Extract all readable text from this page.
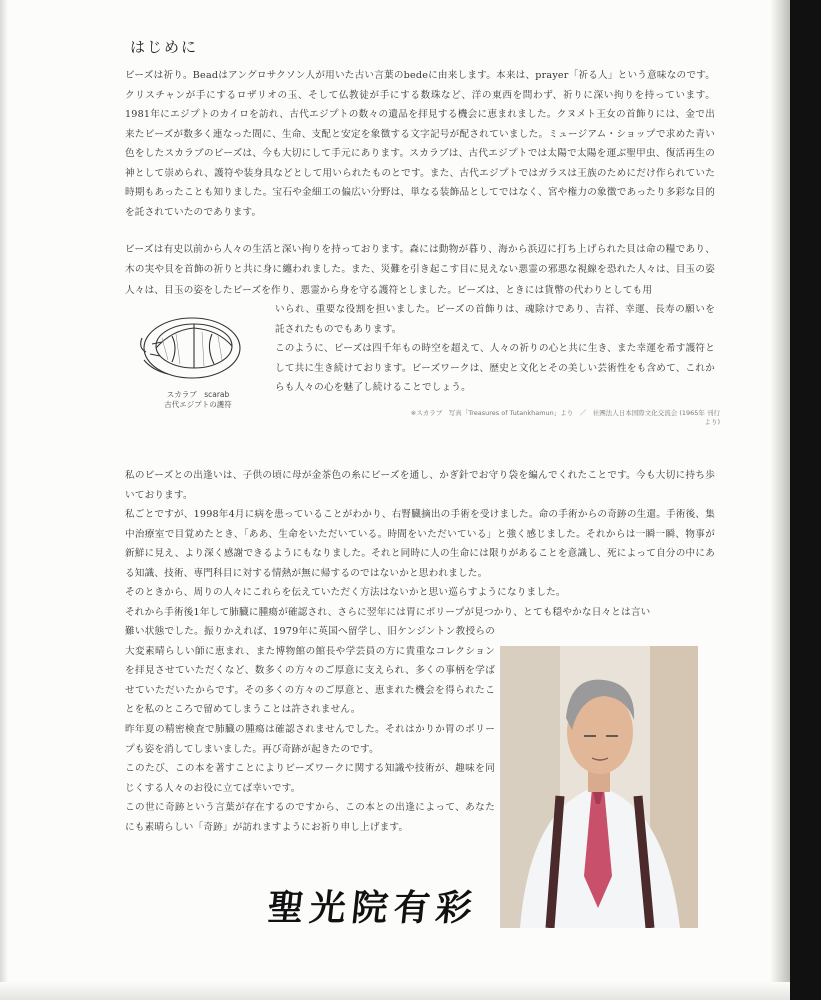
はじめに

ビーズは祈り。Beadはアングロサクソン人が用いた古い言葉のbedeに由来します。本来は、prayer「祈る人」という意味なのです。クリスチャンが手にするロザリオの玉、そして仏教徒が手にする数珠など、洋の東西を問わず、祈りに深い拘りを持っています。1981年にエジプトのカイロを訪れ、古代エジプトの数々の遺品を拝見する機会に恵まれました。クヌメト王女の首飾りには、金で出来たビーズが数多く連なった間に、生命、支配と安定を象徴する文字記号が配されていました。ミュージアム・ショップで求めた青い色をしたスカラブのビーズは、今も大切にして手元にあります。スカラブは、古代エジプトでは太陽で太陽を運ぶ聖甲虫、復活再生の神として崇められ、護符や装身具などとして用いられたものとです。また、古代エジプトではガラスは王族のためにだけ作られていた時期もあったことも知りました。宝石や金細工の偏広い分野は、単なる装飾品としてではなく、宮や権力の象徴であったり多彩な目的を託されていたのであります。

ビーズは有史以前から人々の生活と深い拘りを持っております。森には動物が暮り、海から浜辺に打ち上げられた貝は命の糧であり、木の実や貝を首飾の祈りと共に身に纏われました。また、災難を引き起こす目に見えない悪霊の邪悪な視線を恐れた人々は、目玉の姿

人々は、目玉の姿をしたビーズを作り、悪霊から身を守る護符としました。ビーズは、ときには貨幣の代わりとしても用

いられ、重要な役割を担いました。ビーズの首飾りは、魂除けであり、吉祥、幸運、長寿の願いを託されたものでもあります。

スカラブ　scarab
古代エジプトの護符

このように、ビーズは四千年もの時空を超えて、人々の祈りの心と共に生き、また幸運を希す護符として共に生き続けております。ビーズワークは、歴史と文化とその美しい芸術性をも含めて、これからも人々の心を魅了し続けることでしょう。

※スカラブ　写真「Treasures of Tutankhamun」より　／　社團法人日本国際文化交流会 (1965年 刊行より)

私のビーズとの出逢いは、子供の頃に母が金茶色の糸にビーズを通し、かぎ針でお守り袋を編んでくれたことです。今も大切に持ち歩いております。

私ごとですが、1998年4月に病を患っていることがわかり、右腎臓摘出の手術を受けました。命の手術からの奇跡の生還。手術後、集中治療室で目覚めたとき、「ああ、生命をいただいている。時間をいただいている」と強く感じました。それからは一瞬一瞬、物事が新鮮に見え、より深く感謝できるようにもなりました。それと同時に人の生命には限りがあることを意識し、死によって自分の中にある知識、技術、専門科目に対する情熱が無に帰するのではないかと思われました。

そのときから、周りの人々にこれらを伝えていただく方法はないかと思い巡らすようになりました。

それから手術後1年して肺臓に腫瘍が確認され、さらに翌年には胃にポリープが見つかり、とても穏やかな日々とは言い

難い状態でした。振りかえれば、1979年に英国へ留学し、旧ケンジントン教授らの大変素晴らしい師に恵まれ、また博物館の館長や学芸員の方に貴重なコレクションを拝見させていただくなど、数多くの方々のご厚意に支えられ、多くの事柄を学ばせていただいたからです。その多くの方々のご厚意と、恵まれた機会を得られたことを私のところで留めてしまうことは許されません。

昨年夏の精密検査で肺臓の腫瘍は確認されませんでした。それはかりか胃のポリープも姿を消してしまいました。再び奇跡が起きたのです。

このたび、この本を著すことによりビーズワークに関する知識や技術が、趣味を同じくする人々のお役に立てば幸いです。

この世に奇跡という言葉が存在するのですから、この本との出逢によって、あなたにも素晴らしい「奇跡」が訪れますようにお祈り申し上げます。

聖光院有彩
